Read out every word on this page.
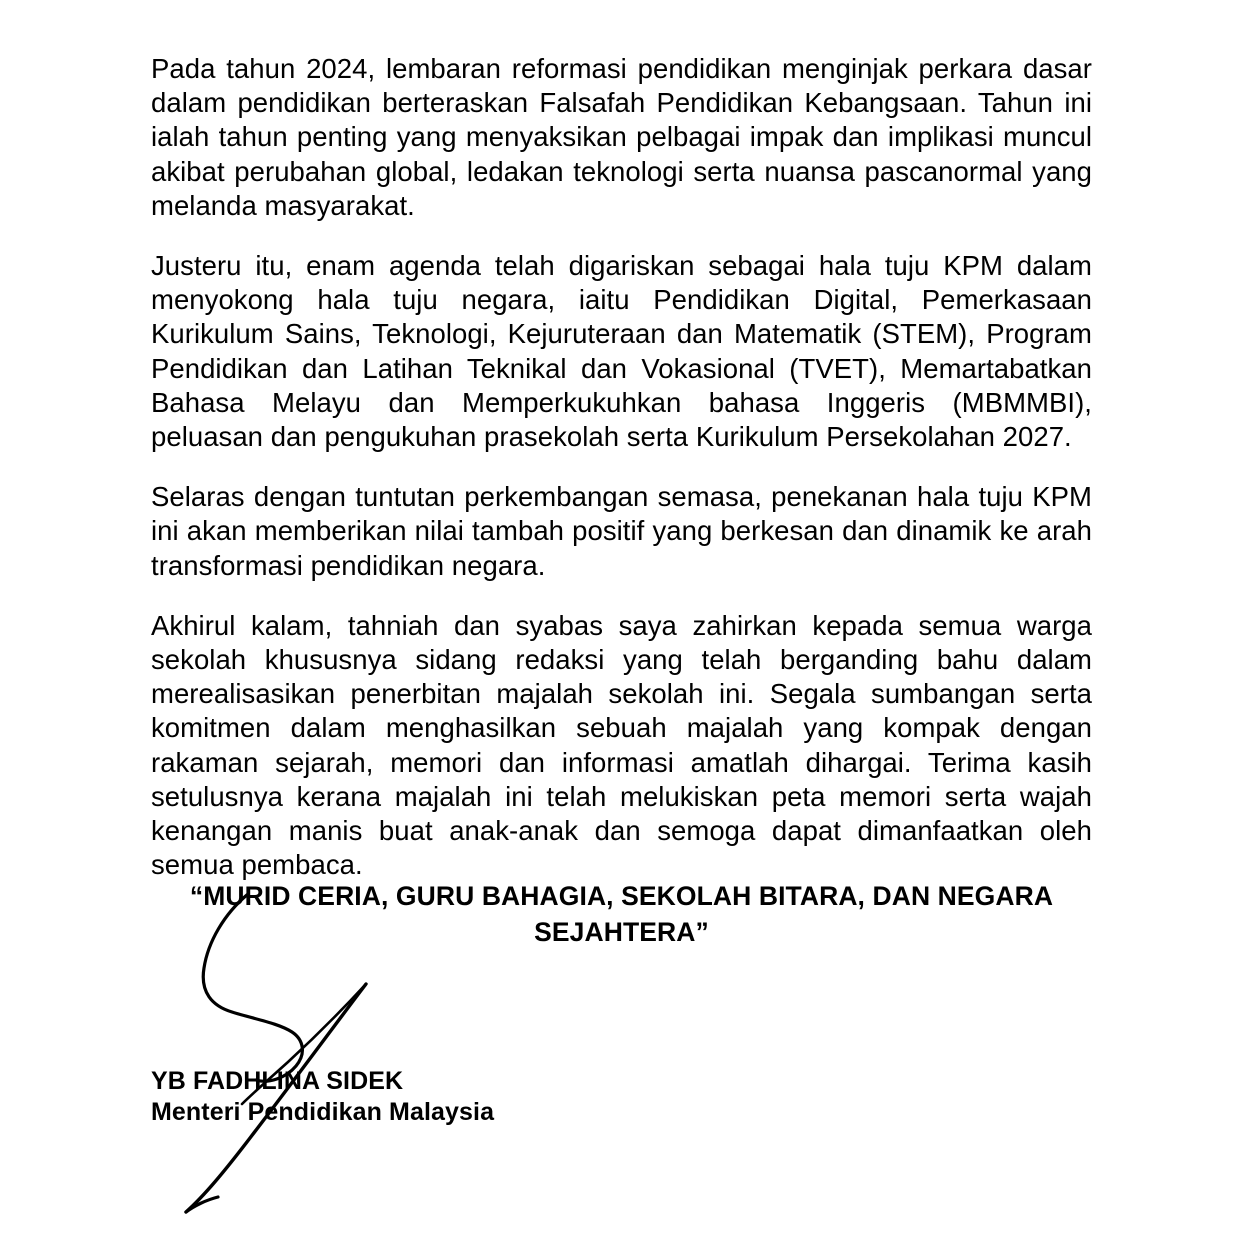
Pada tahun 2024, lembaran reformasi pendidikan menginjak perkara dasar dalam pendidikan berteraskan Falsafah Pendidikan Kebangsaan. Tahun ini ialah tahun penting yang menyaksikan pelbagai impak dan implikasi muncul akibat perubahan global, ledakan teknologi serta nuansa pascanormal yang melanda masyarakat.

Justeru itu, enam agenda telah digariskan sebagai hala tuju KPM dalam menyokong hala tuju negara, iaitu Pendidikan Digital, Pemerkasaan Kurikulum Sains, Teknologi, Kejuruteraan dan Matematik (STEM), Program Pendidikan dan Latihan Teknikal dan Vokasional (TVET), Memartabatkan Bahasa Melayu dan Memperkukuhkan bahasa Inggeris (MBMMBI), peluasan dan pengukuhan prasekolah serta Kurikulum Persekolahan 2027.

Selaras dengan tuntutan perkembangan semasa, penekanan hala tuju KPM ini akan memberikan nilai tambah positif yang berkesan dan dinamik ke arah transformasi pendidikan negara.

Akhirul kalam, tahniah dan syabas saya zahirkan kepada semua warga sekolah khususnya sidang redaksi yang telah berganding bahu dalam merealisasikan penerbitan majalah sekolah ini. Segala sumbangan serta komitmen dalam menghasilkan sebuah majalah yang kompak dengan rakaman sejarah, memori dan informasi amatlah dihargai. Terima kasih setulusnya kerana majalah ini telah melukiskan peta memori serta wajah kenangan manis buat anak-anak dan semoga dapat dimanfaatkan oleh semua pembaca.

“MURID CERIA, GURU BAHAGIA, SEKOLAH BITARA, DAN NEGARA
SEJAHTERA”
YB FADHLINA SIDEK
Menteri Pendidikan Malaysia
